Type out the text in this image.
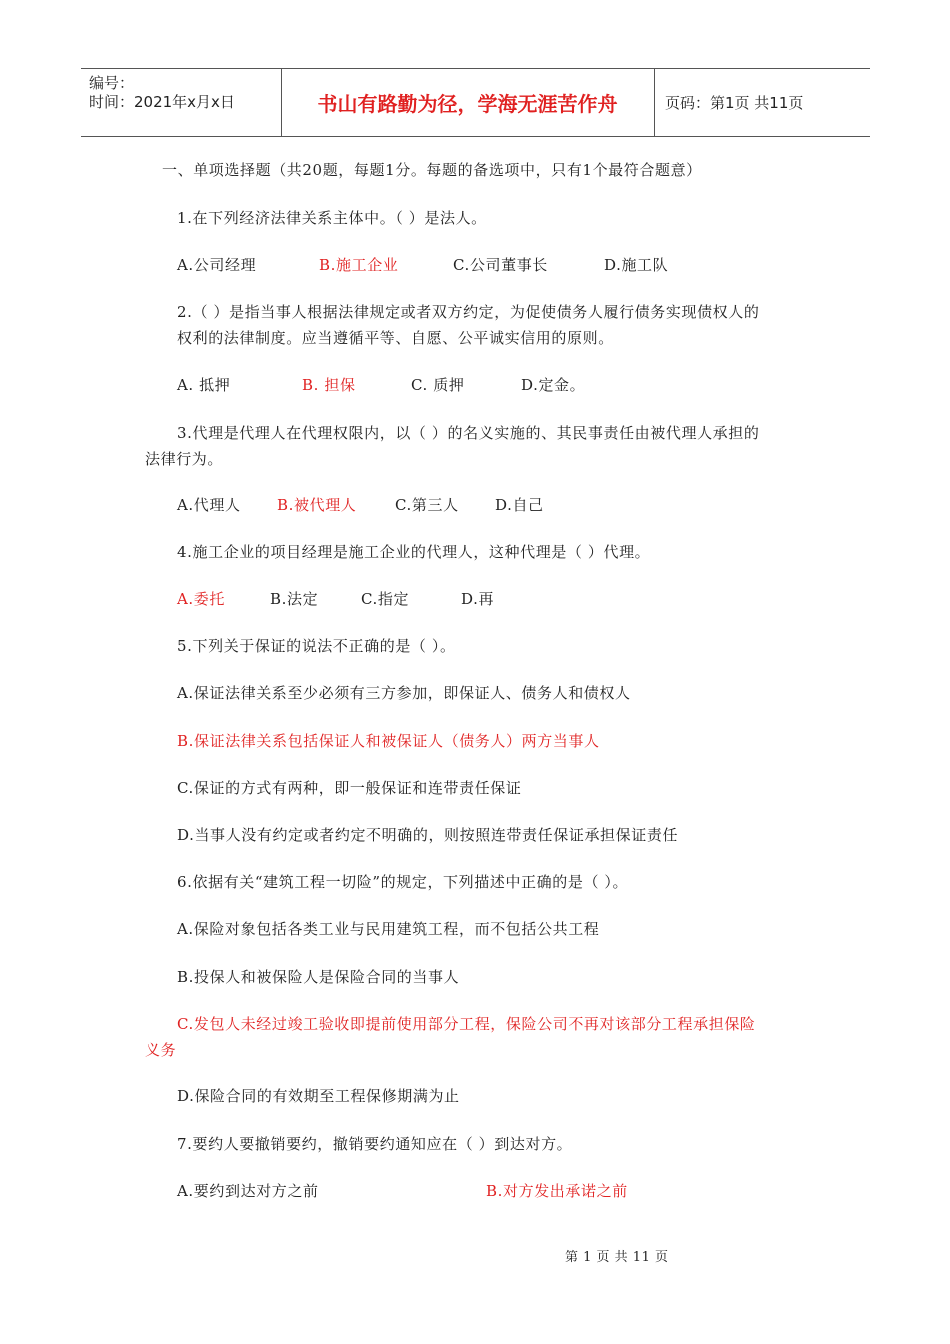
编号：
时间：2021年x月x日	书山有路勤为径，学海无涯苦作舟	页码：第1页 共11页
一、单项选择题（共20题，每题1分。每题的备选项中，只有1个最符合题意）
1.在下列经济法律关系主体中。（ ）是法人。
A.公司经理	B.施工企业	C.公司董事长	D.施工队
2.（ ）是指当事人根据法律规定或者双方约定，为促使债务人履行债务实现债权人的
权利的法律制度。应当遵循平等、自愿、公平诚实信用的原则。
A. 抵押	B. 担保	C. 质押	D.定金。
3.代理是代理人在代理权限内，以（ ）的名义实施的、其民事责任由被代理人承担的
法律行为。
A.代理人 B.被代理人	C.第三人 D.自己
4.施工企业的项目经理是施工企业的代理人，这种代理是（ ）代理。
A.委托	B.法定	C.指定	D.再
5.下列关于保证的说法不正确的是（ ）。
A.保证法律关系至少必须有三方参加，即保证人、债务人和债权人
B.保证法律关系包括保证人和被保证人（债务人）两方当事人
C.保证的方式有两种，即一般保证和连带责任保证
D.当事人没有约定或者约定不明确的，则按照连带责任保证承担保证责任
6.依据有关“建筑工程一切险”的规定，下列描述中正确的是（ ）。
A.保险对象包括各类工业与民用建筑工程，而不包括公共工程
B.投保人和被保险人是保险合同的当事人
C.发包人未经过竣工验收即提前使用部分工程，保险公司不再对该部分工程承担保险
义务
D.保险合同的有效期至工程保修期满为止
7.要约人要撤销要约，撤销要约通知应在（ ）到达对方。
A.要约到达对方之前	B.对方发出承诺之前
第 1 页 共 11 页
